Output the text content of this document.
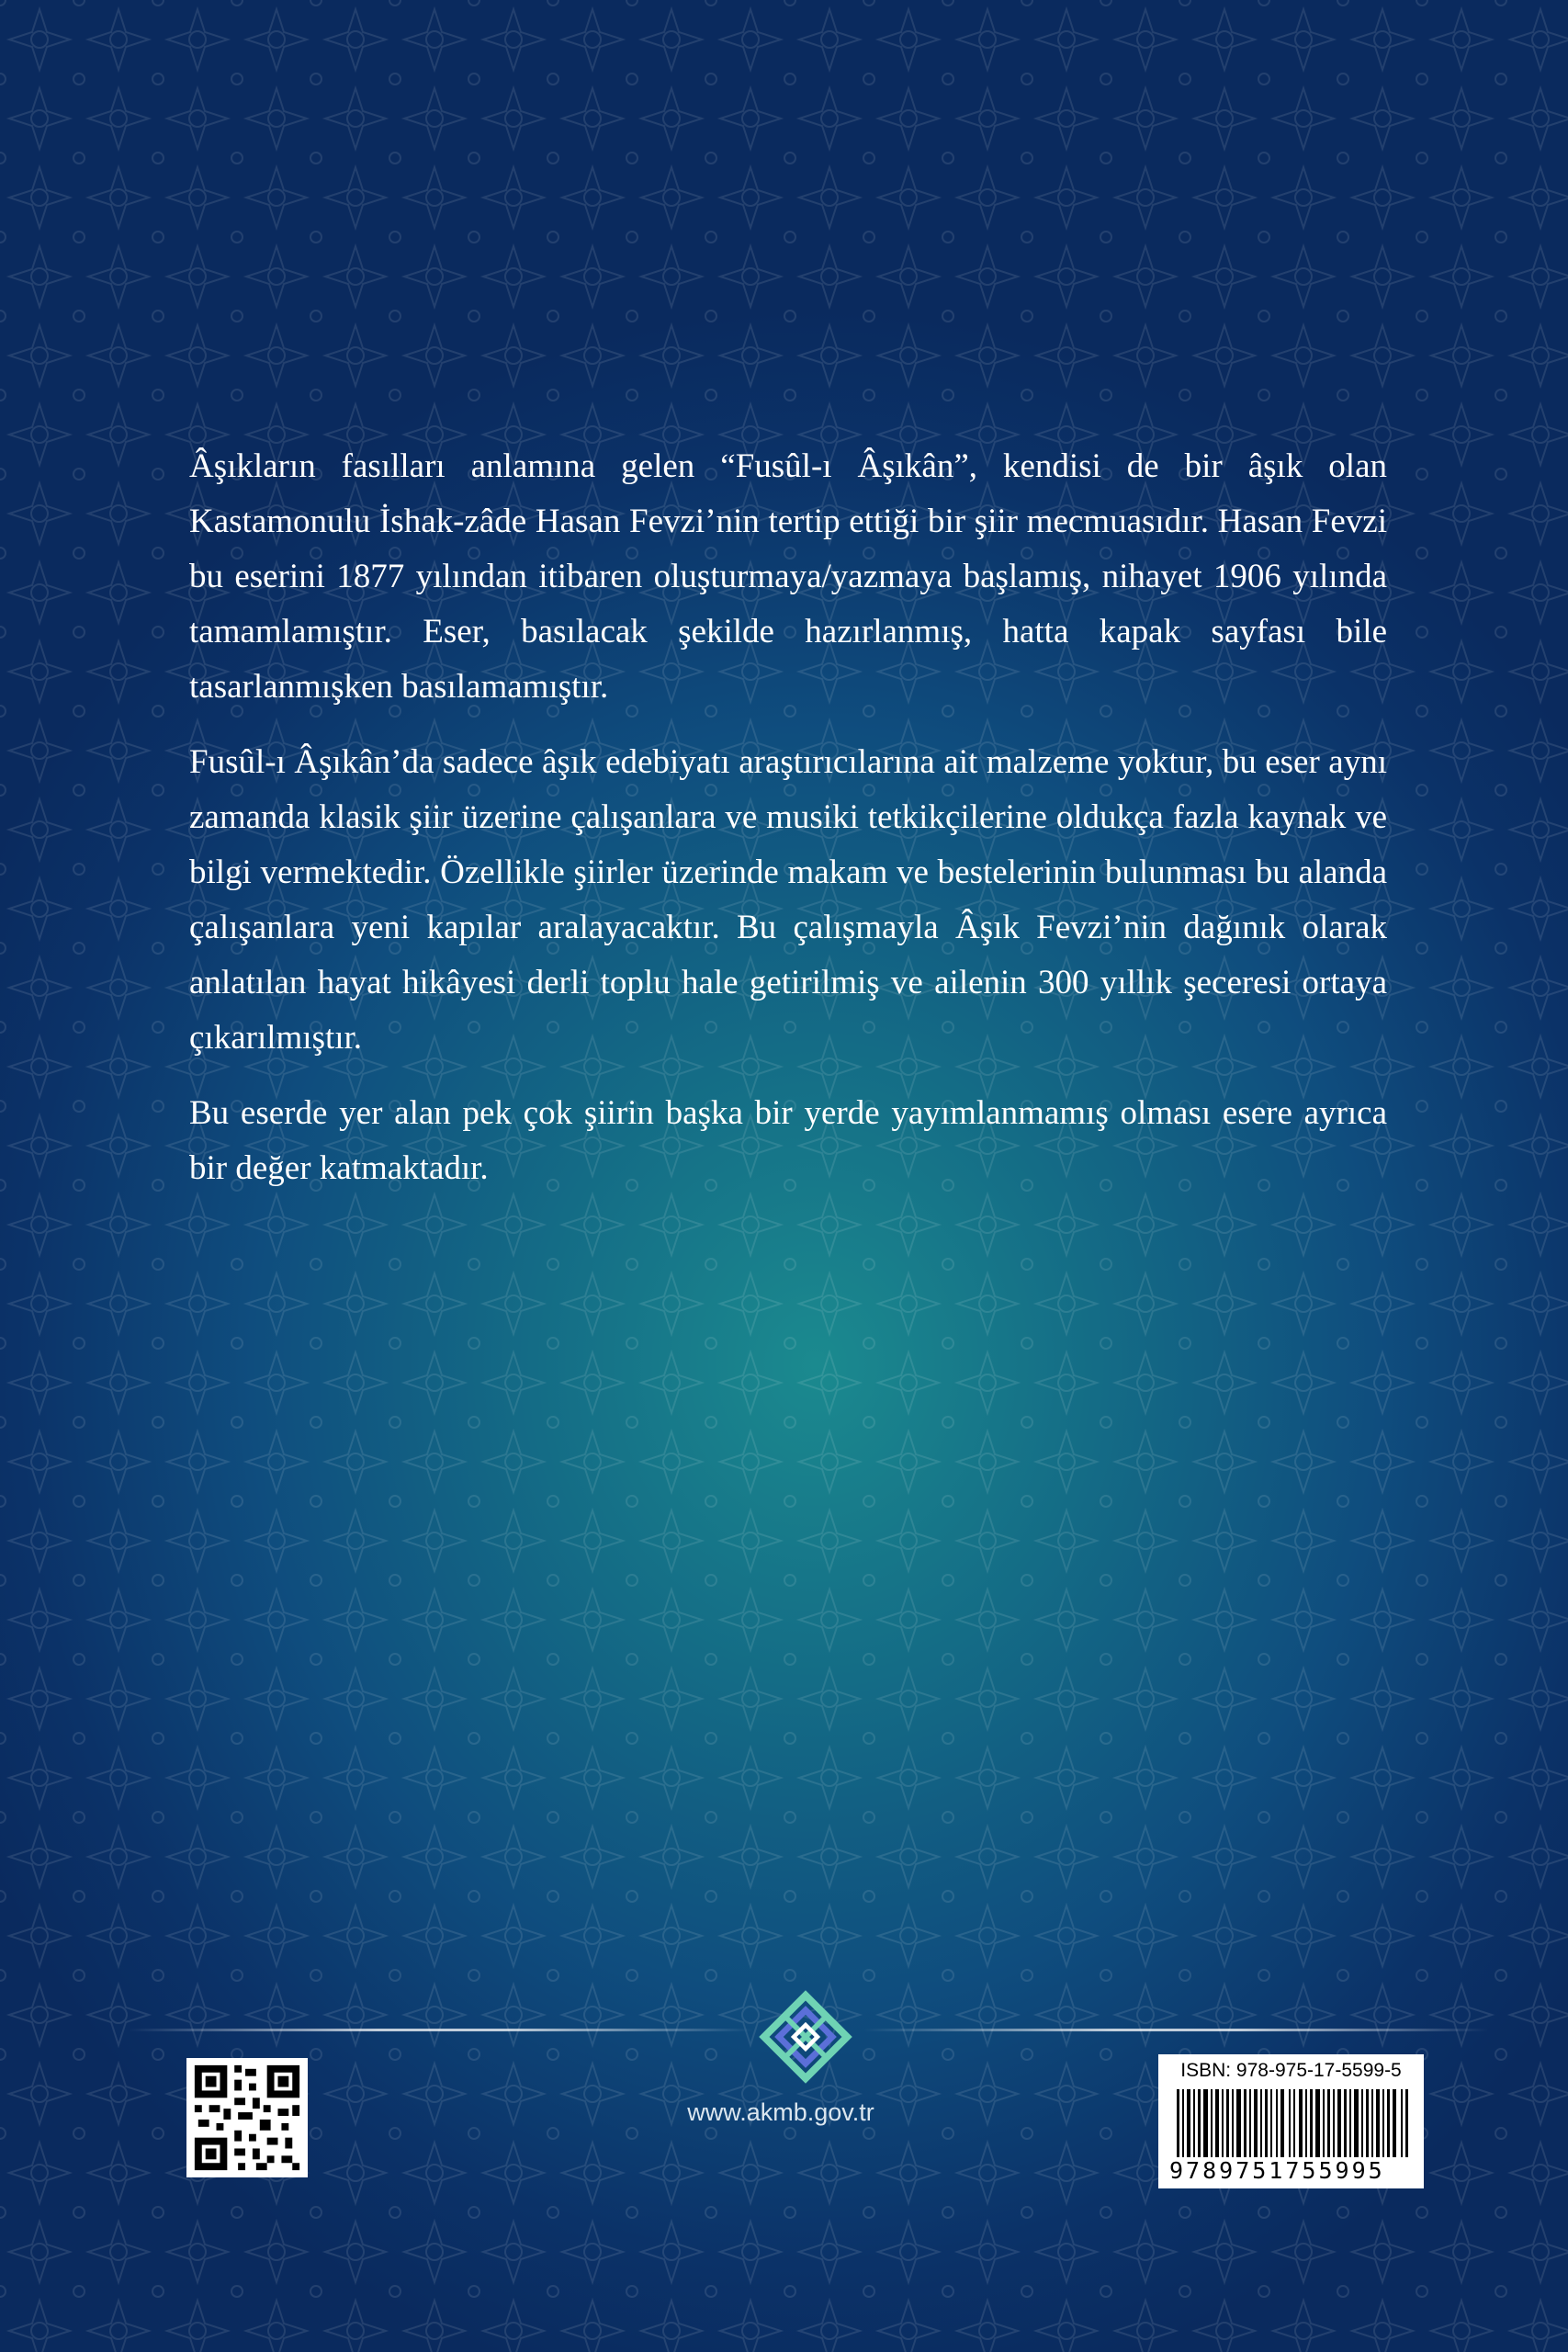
Âşıkların fasılları anlamına gelen “Fusûl-ı Âşıkân”, kendisi de bir âşık olan Kastamonulu İshak-zâde Hasan Fevzi’nin tertip ettiği bir şiir mecmuasıdır. Hasan Fevzi bu eserini 1877 yılından itibaren oluşturmaya/yazmaya başlamış, nihayet 1906 yılında tamamlamıştır. Eser, basılacak şekilde hazırlanmış, hatta kapak sayfası bile tasarlanmışken basılamamıştır.

Fusûl-ı Âşıkân’da sadece âşık edebiyatı araştırıcılarına ait malzeme yoktur, bu eser aynı zamanda klasik şiir üzerine çalışanlara ve musiki tetkikçilerine oldukça fazla kaynak ve bilgi vermektedir. Özellikle şiirler üzerinde makam ve bestelerinin bulunması bu alanda çalışanlara yeni kapılar aralayacaktır. Bu çalışmayla Âşık Fevzi’nin dağınık olarak anlatılan hayat hikâyesi derli toplu hale getirilmiş ve ailenin 300 yıllık şeceresi ortaya çıkarılmıştır.

Bu eserde yer alan pek çok şiirin başka bir yerde yayımlanmamış olması esere ayrıca bir değer katmaktadır.

www.akmb.gov.tr
ISBN: 978-975-17-5599-5
9789751755995
